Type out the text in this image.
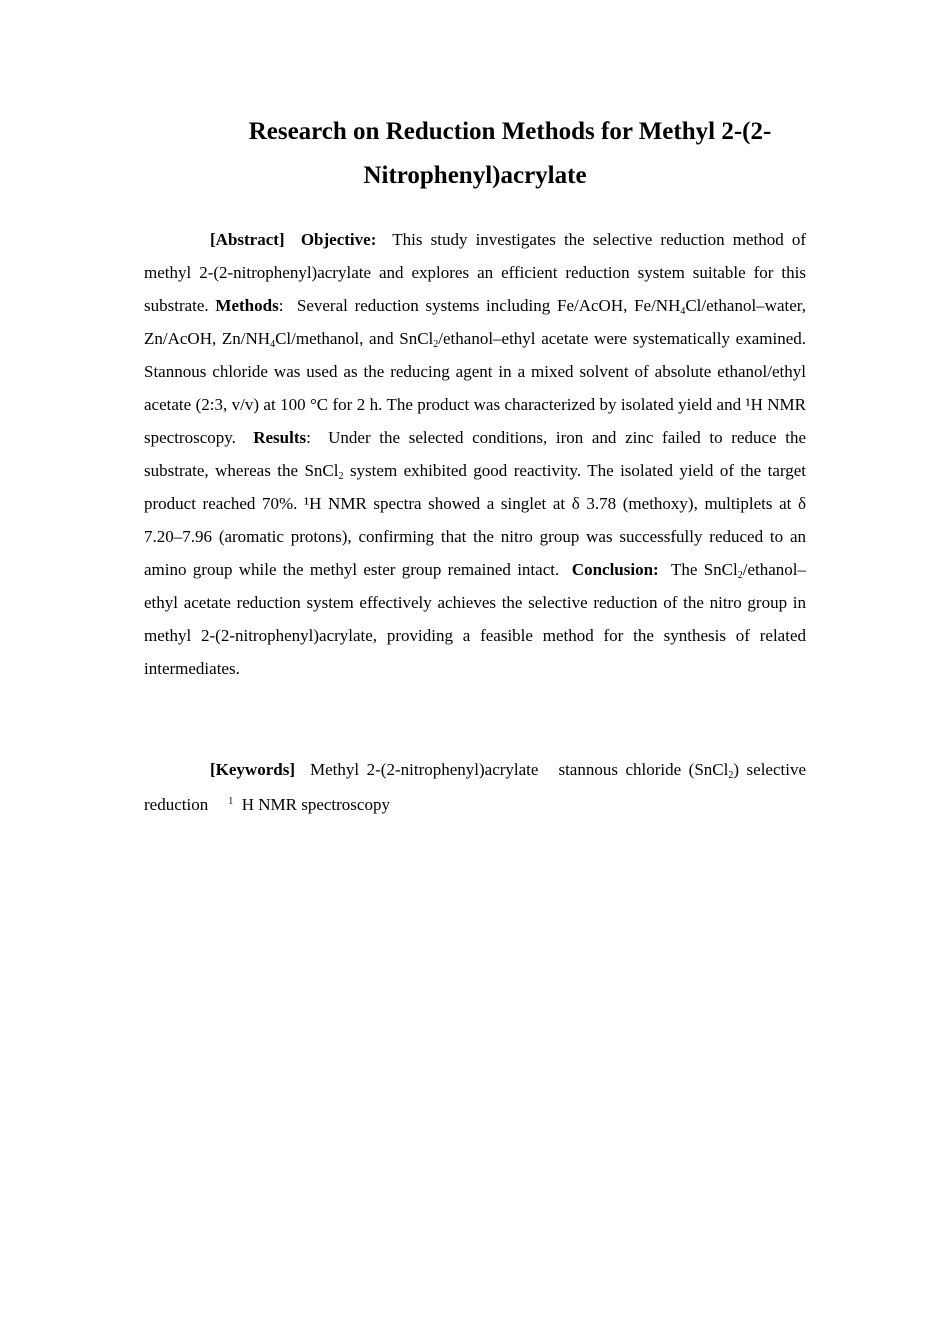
Research on Reduction Methods for Methyl 2-(2-
Nitrophenyl)acrylate

[Abstract] Objective: This study investigates the selective reduction method of methyl 2-(2-nitrophenyl)acrylate and explores an efficient reduction system suitable for this substrate. Methods:  Several reduction systems including Fe/AcOH, $Fe/NH_4Cl/ethanol$–water, Zn/AcOH, $Zn/NH_4Cl$/methanol, and SnCl$_2$/ethanol–ethyl acetate were systematically examined. Stannous chloride was used as the reducing agent in a mixed solvent of absolute ethanol/ethyl acetate (2:3, v/v) at 100 °C for 2 h. The product was characterized by isolated yield and ¹H NMR spectroscopy. Results:  Under the selected conditions, iron and zinc failed to reduce the substrate, whereas the SnCl$_2$ system exhibited good reactivity. The isolated yield of the target product reached 70%. ¹H NMR spectra showed a singlet at δ 3.78 (methoxy), multiplets at δ 7.20–7.96 (aromatic protons), confirming that the nitro group was successfully reduced to an amino group while the methyl ester group remained intact. Conclusion: The SnCl$_2$/ethanol–ethyl acetate reduction system effectively achieves the selective reduction of the nitro group in methyl 2-(2-nitrophenyl)acrylate, providing a feasible method for the synthesis of related intermediates.

[Keywords] Methyl 2-(2-nitrophenyl)acrylate stannous chloride (SnCl$_2$) selective reduction $^1$ H NMR spectroscopy
